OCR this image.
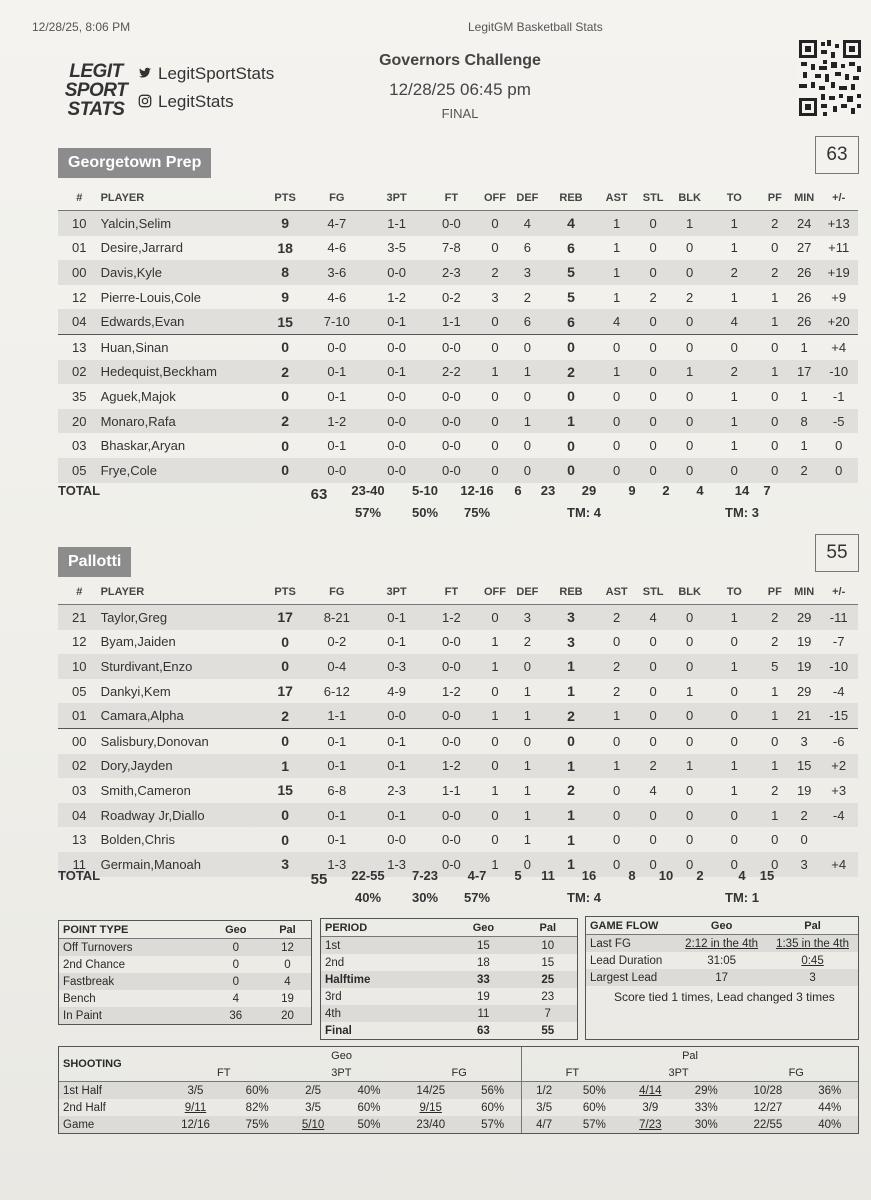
12/28/25, 8:06 PM	LegitGM Basketball Stats
LEGIT
SPORT
STATS
LegitSportStats
LegitStats
Governors Challenge
12/28/25 06:45 pm
FINAL
Georgetown Prep	63
#	PLAYER	PTS	FG	3PT	FT	OFF	DEF	REB	AST	STL	BLK	TO	PF	MIN	+/-
10	Yalcin,Selim	9	4-7	1-1	0-0	0	4	4	1	0	1	1	2	24	+13
01	Desire,Jarrard	18	4-6	3-5	7-8	0	6	6	1	0	0	1	0	27	+11
00	Davis,Kyle	8	3-6	0-0	2-3	2	3	5	1	0	0	2	2	26	+19
12	Pierre-Louis,Cole	9	4-6	1-2	0-2	3	2	5	1	2	2	1	1	26	+9
04	Edwards,Evan	15	7-10	0-1	1-1	0	6	6	4	0	0	4	1	26	+20
13	Huan,Sinan	0	0-0	0-0	0-0	0	0	0	0	0	0	0	0	1	+4
02	Hedequist,Beckham	2	0-1	0-1	2-2	1	1	2	1	0	1	2	1	17	-10
35	Aguek,Majok	0	0-1	0-0	0-0	0	0	0	0	0	0	1	0	1	-1
20	Monaro,Rafa	2	1-2	0-0	0-0	0	1	1	0	0	0	1	0	8	-5
03	Bhaskar,Aryan	0	0-1	0-0	0-0	0	0	0	0	0	0	1	0	1	0
05	Frye,Cole	0	0-0	0-0	0-0	0	0	0	0	0	0	0	0	2	0
TOTAL	63	23-40	5-10	12-16	6	23	29	9	2	4	14	7
57%	50%	75%	TM: 4	TM: 3
Pallotti	55
#	PLAYER	PTS	FG	3PT	FT	OFF	DEF	REB	AST	STL	BLK	TO	PF	MIN	+/-
21	Taylor,Greg	17	8-21	0-1	1-2	0	3	3	2	4	0	1	2	29	-11
12	Byam,Jaiden	0	0-2	0-1	0-0	1	2	3	0	0	0	0	2	19	-7
10	Sturdivant,Enzo	0	0-4	0-3	0-0	1	0	1	2	0	0	1	5	19	-10
05	Dankyi,Kem	17	6-12	4-9	1-2	0	1	1	2	0	1	0	1	29	-4
01	Camara,Alpha	2	1-1	0-0	0-0	1	1	2	1	0	0	0	1	21	-15
00	Salisbury,Donovan	0	0-1	0-1	0-0	0	0	0	0	0	0	0	0	3	-6
02	Dory,Jayden	1	0-1	0-1	1-2	0	1	1	1	2	1	1	1	15	+2
03	Smith,Cameron	15	6-8	2-3	1-1	1	1	2	0	4	0	1	2	19	+3
04	Roadway Jr,Diallo	0	0-1	0-1	0-0	0	1	1	0	0	0	0	1	2	-4
13	Bolden,Chris	0	0-1	0-0	0-0	0	1	1	0	0	0	0	0	0	
11	Germain,Manoah	3	1-3	1-3	0-0	1	0	1	0	0	0	0	0	3	+4
TOTAL	55	22-55	7-23	4-7	5	11	16	8	10	2	4	15
40%	30%	57%	TM: 4	TM: 1
POINT TYPE	Geo	Pal
Off Turnovers	0	12
2nd Chance	0	0
Fastbreak	0	4
Bench	4	19
In Paint	36	20
PERIOD	Geo	Pal
1st	15	10
2nd	18	15
Halftime	33	25
3rd	19	23
4th	11	7
Final	63	55
GAME FLOW	Geo	Pal
Last FG	2:12 in the 4th	1:35 in the 4th
Lead Duration	31:05	0:45
Largest Lead	17	3
Score tied 1 times, Lead changed 3 times
SHOOTING	Geo						Pal					
	FT		3PT		FG		FT		3PT		FG	
1st Half	3/5	60%	2/5	40%	14/25	56%	1/2	50%	4/14	29%	10/28	36%
2nd Half	9/11	82%	3/5	60%	9/15	60%	3/5	60%	3/9	33%	12/27	44%
Game	12/16	75%	5/10	50%	23/40	57%	4/7	57%	7/23	30%	22/55	40%
